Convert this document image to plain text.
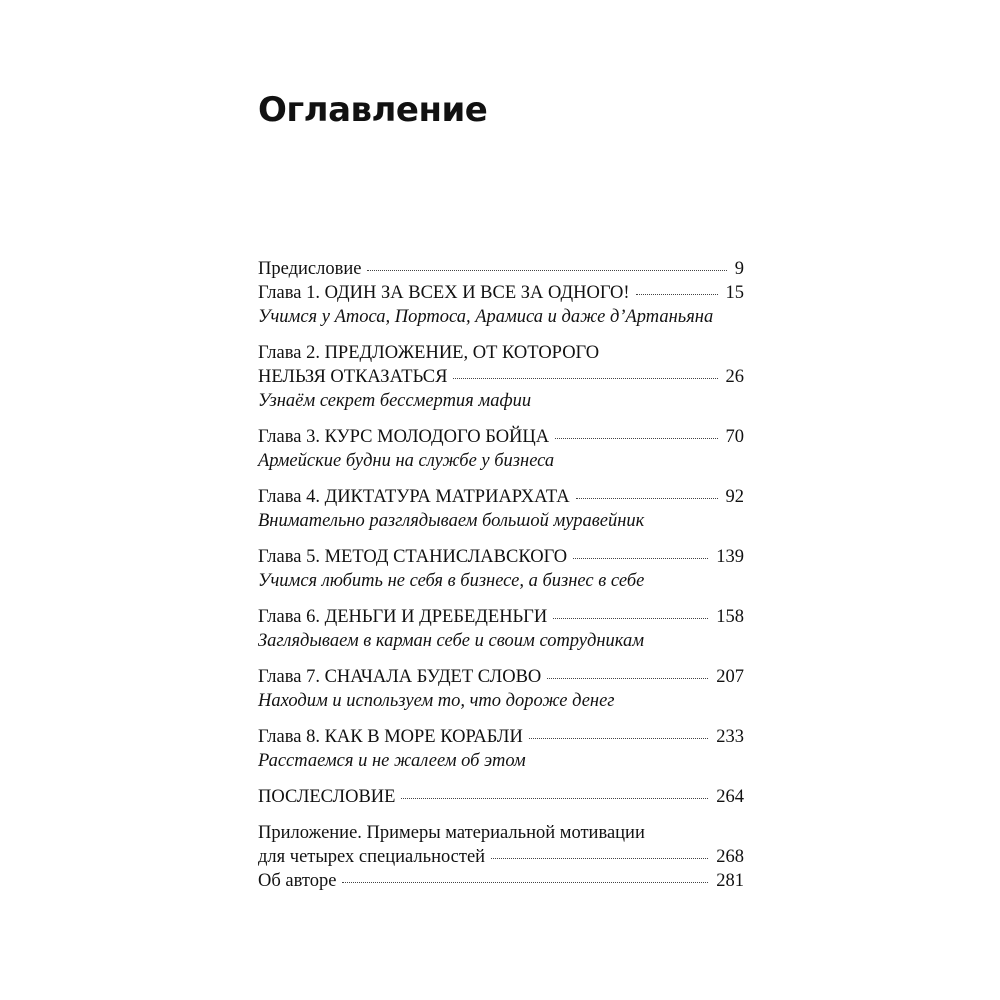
Оглавление
Предисловие	9
Глава 1. ОДИН ЗА ВСЕХ И ВСЕ ЗА ОДНОГО!	15
Учимся у Атоса, Портоса, Арамиса и даже д’Артаньяна
Глава 2. ПРЕДЛОЖЕНИЕ, ОТ КОТОРОГО
НЕЛЬЗЯ ОТКАЗАТЬСЯ	26
Узнаём секрет бессмертия мафии
Глава 3. КУРС МОЛОДОГО БОЙЦА	70
Армейские будни на службе у бизнеса
Глава 4. ДИКТАТУРА МАТРИАРХАТА	92
Внимательно разглядываем большой муравейник
Глава 5. МЕТОД СТАНИСЛАВСКОГО	139
Учимся любить не себя в бизнесе, а бизнес в себе
Глава 6. ДЕНЬГИ И ДРЕБЕДЕНЬГИ	158
Заглядываем в карман себе и своим сотрудникам
Глава 7. СНАЧАЛА БУДЕТ СЛОВО	207
Находим и используем то, что дороже денег
Глава 8. КАК В МОРЕ КОРАБЛИ	233
Расстаемся и не жалеем об этом
ПОСЛЕСЛОВИЕ	264
Приложение. Примеры материальной мотивации
для четырех специальностей	268
Об авторе	281
